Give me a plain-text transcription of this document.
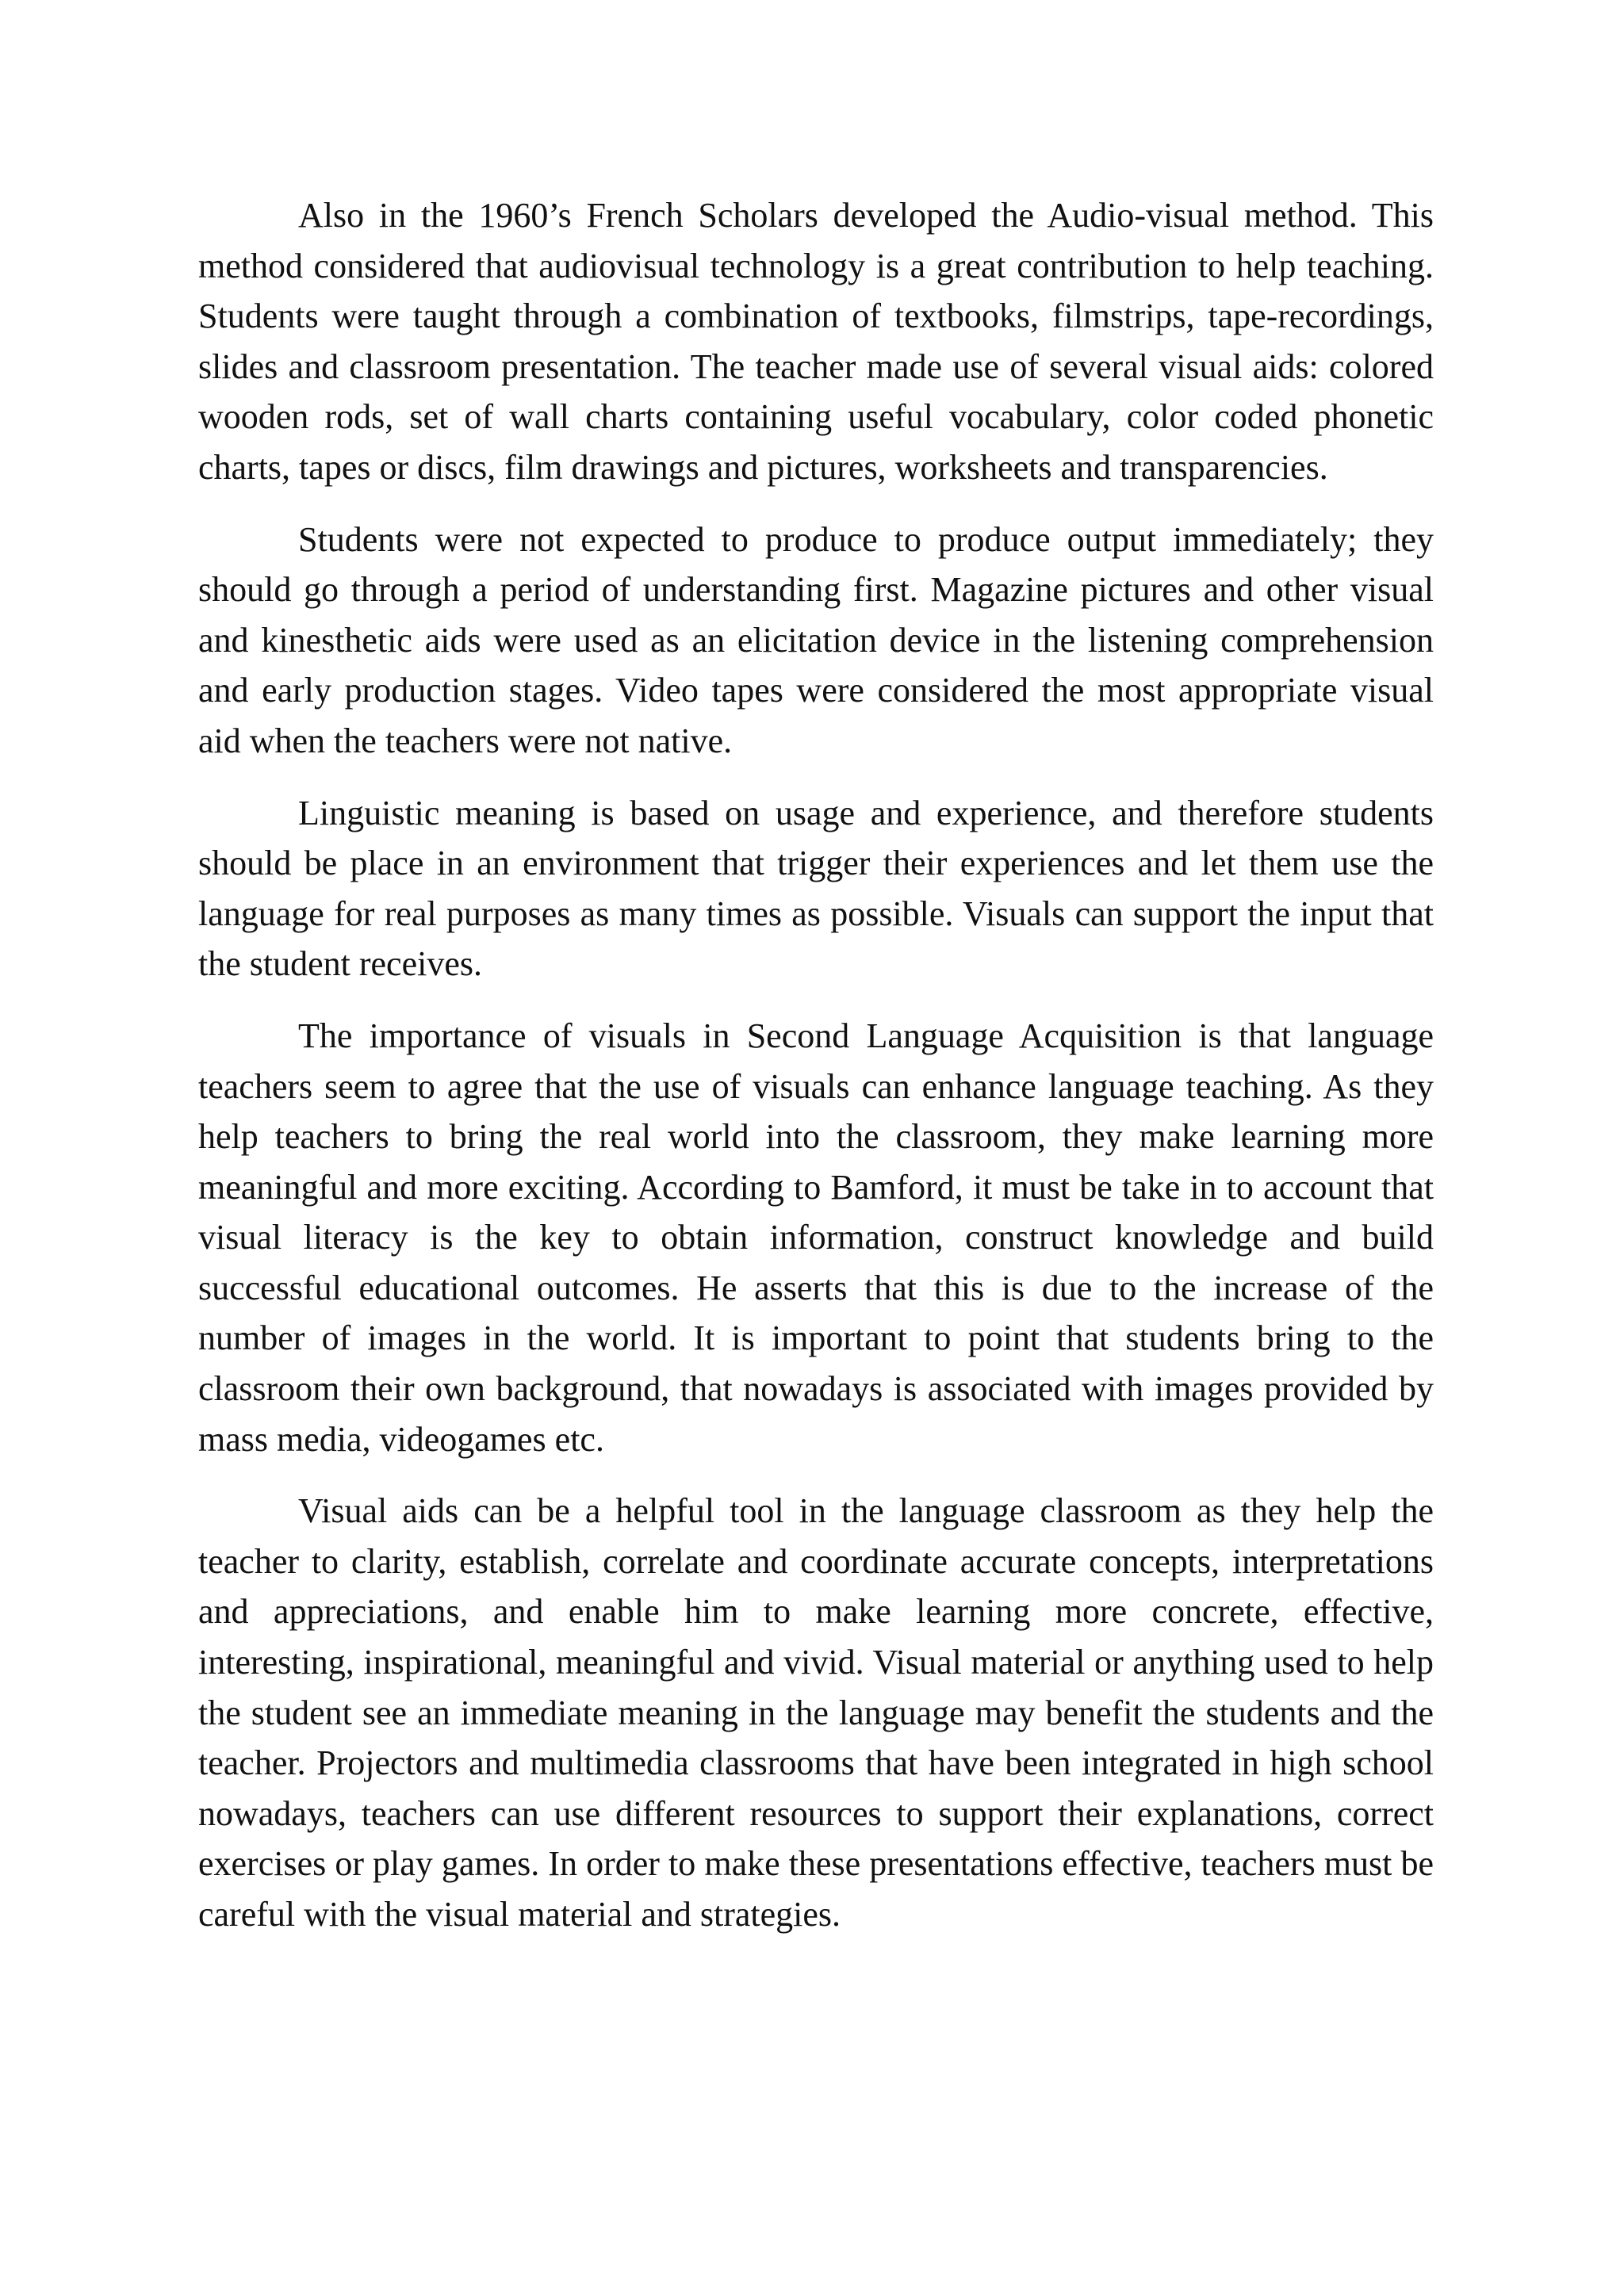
Also in the 1960’s French Scholars developed the Audio-visual method. This method considered that audiovisual technology is a great contribution to help teaching. Students were taught through a combination of textbooks, filmstrips, tape-recordings, slides and classroom presentation. The teacher made use of several visual aids: colored wooden rods, set of wall charts containing useful vocabulary, color coded phonetic charts, tapes or discs, film drawings and pictures, worksheets and transparencies.

Students were not expected to produce to produce output immediately; they should go through a period of understanding first. Magazine pictures and other visual and kinesthetic aids were used as an elicitation device in the listening comprehension and early production stages. Video tapes were considered the most appropriate visual aid when the teachers were not native.

Linguistic meaning is based on usage and experience, and therefore students should be place in an environment that trigger their experiences and let them use the language for real purposes as many times as possible. Visuals can support the input that the student receives.

The importance of visuals in Second Language Acquisition is that language teachers seem to agree that the use of visuals can enhance language teaching. As they help teachers to bring the real world into the classroom, they make learning more meaningful and more exciting. According to Bamford, it must be take in to account that visual literacy is the key to obtain information, construct knowledge and build successful educational outcomes. He asserts that this is due to the increase of the number of images in the world. It is important to point that students bring to the classroom their own background, that nowadays is associated with images provided by mass media, videogames etc.

Visual aids can be a helpful tool in the language classroom as they help the teacher to clarity, establish, correlate and coordinate accurate concepts, interpretations and appreciations, and enable him to make learning more concrete, effective, interesting, inspirational, meaningful and vivid. Visual material or anything used to help the student see an immediate meaning in the language may benefit the students and the teacher. Projectors and multimedia classrooms that have been integrated in high school nowadays, teachers can use different resources to support their explanations, correct exercises or play games. In order to make these presentations effective, teachers must be careful with the visual material and strategies.
